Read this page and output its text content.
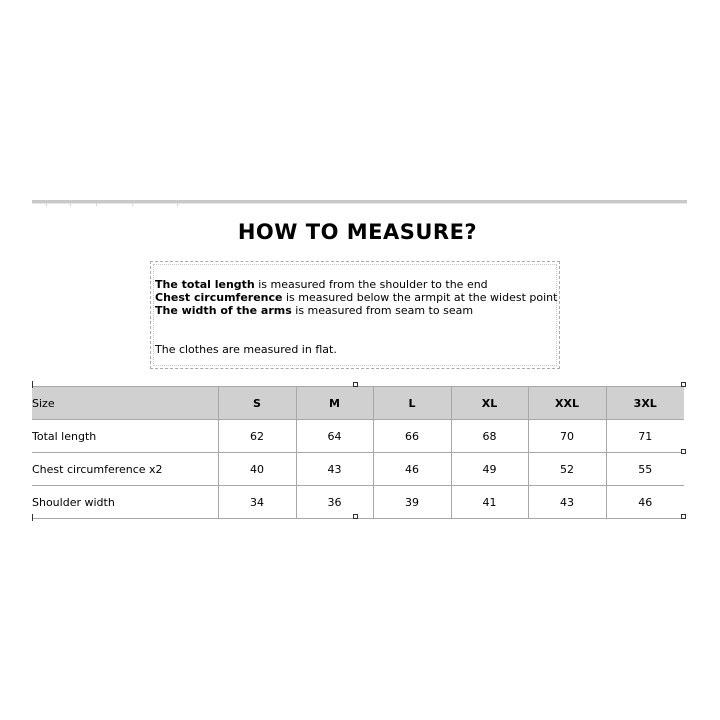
HOW TO MEASURE?

The total length is measured from the shoulder to the end

Chest circumference is measured below the armpit at the widest point

The width of the arms is measured from seam to seam

The clothes are measured in flat.

Size	S	M	L	XL	XXL	3XL
Total length	62	64	66	68	70	71
Chest circumference x2	40	43	46	49	52	55
Shoulder width	34	36	39	41	43	46
